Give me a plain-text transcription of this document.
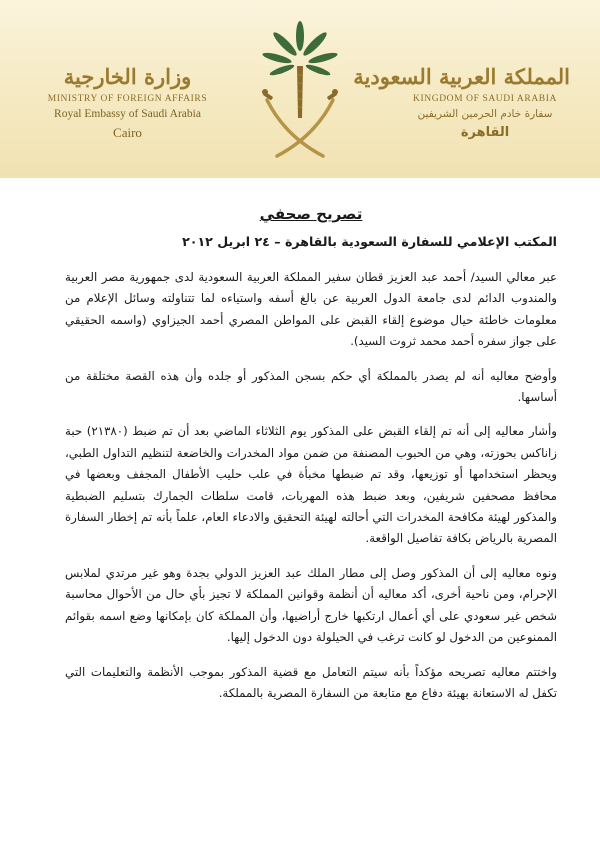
المملكة العربية السعودية
KINGDOM OF SAUDI ARABIA
سفارة خادم الحرمين الشريفين
القاهرة
وزارة الخارجية
MINISTRY OF FOREIGN AFFAIRS
Royal Embassy of Saudi Arabia
Cairo
تصريح صحفي
المكتب الإعلامي للسفارة السعودية بالقاهرة – ٢٤ ابريل ٢٠١٢

عبر معالي السيد/ أحمد عبد العزيز قطان سفير المملكة العربية السعودية لدى جمهورية مصر العربية والمندوب الدائم لدى جامعة الدول العربية عن بالغ أسفه واستياءه لما تتناولته وسائل الإعلام من معلومات خاطئة حيال موضوع إلقاء القبض على المواطن المصري أحمد الجيزاوي (واسمه الحقيقي على جواز سفره أحمد محمد ثروت السيد).

وأوضح معاليه أنه لم يصدر بالمملكة أي حكم بسجن المذكور أو جلده وأن هذه القصة مختلقة من أساسها.

وأشار معاليه إلى أنه تم إلقاء القبض على المذكور يوم الثلاثاء الماضي بعد أن تم ضبط (٢١٣٨٠) حبة زاناكس بحوزته، وهي من الحبوب المصنفة من ضمن مواد المخدرات والخاضعة لتنظيم التداول الطبي، ويحظر استخدامها أو توزيعها، وقد تم ضبطها مخبأة في علب حليب الأطفال المجفف وبعضها في محافظ مصحفين شريفين، وبعد ضبط هذه المهربات، قامت سلطات الجمارك بتسليم الضبطية والمذكور لهيئة مكافحة المخدرات التي أحالته لهيئة التحقيق والادعاء العام، علماً بأنه تم إخطار السفارة المصرية بالرياض بكافة تفاصيل الواقعة.

ونوه معاليه إلى أن المذكور وصل إلى مطار الملك عبد العزيز الدولي بجدة وهو غير مرتدي لملابس الإحرام، ومن ناحية أخرى، أكد معاليه أن أنظمة وقوانين المملكة لا تجيز بأي حال من الأحوال محاسبة شخص غير سعودي على أي أعمال ارتكبها خارج أراضيها، وأن المملكة كان بإمكانها وضع اسمه بقوائم الممنوعين من الدخول لو كانت ترغب في الحيلولة دون الدخول إليها.

واختتم معاليه تصريحه مؤكداً بأنه سيتم التعامل مع قضية المذكور بموجب الأنظمة والتعليمات التي تكفل له الاستعانة بهيئة دفاع مع متابعة من السفارة المصرية بالمملكة.
